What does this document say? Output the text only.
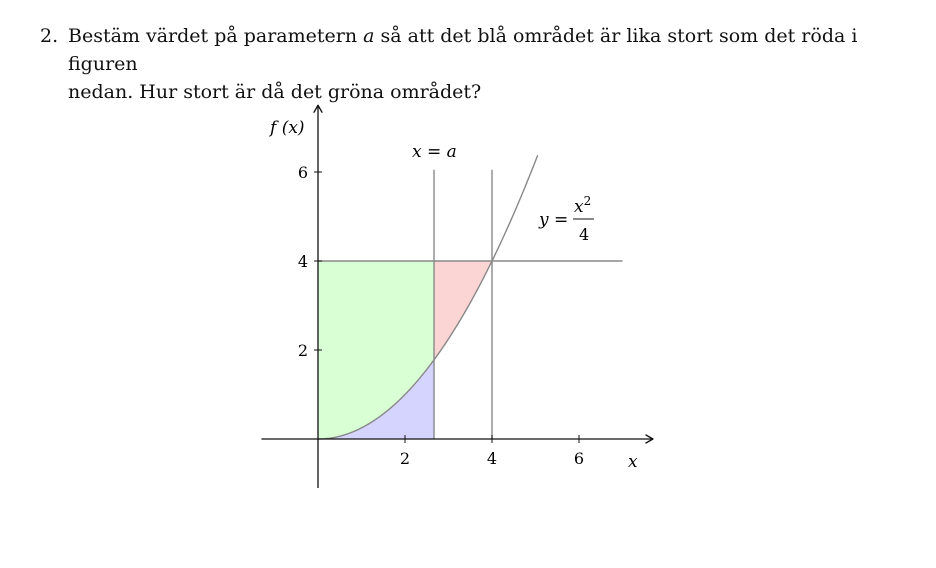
2. Bestäm värdet på parametern a så att det blå området är lika stort som det röda i figuren
nedan. Hur stort är då det gröna området?
2	4	6
2
4
6
f (x)
x
x = a
y =
$x^2$
4
